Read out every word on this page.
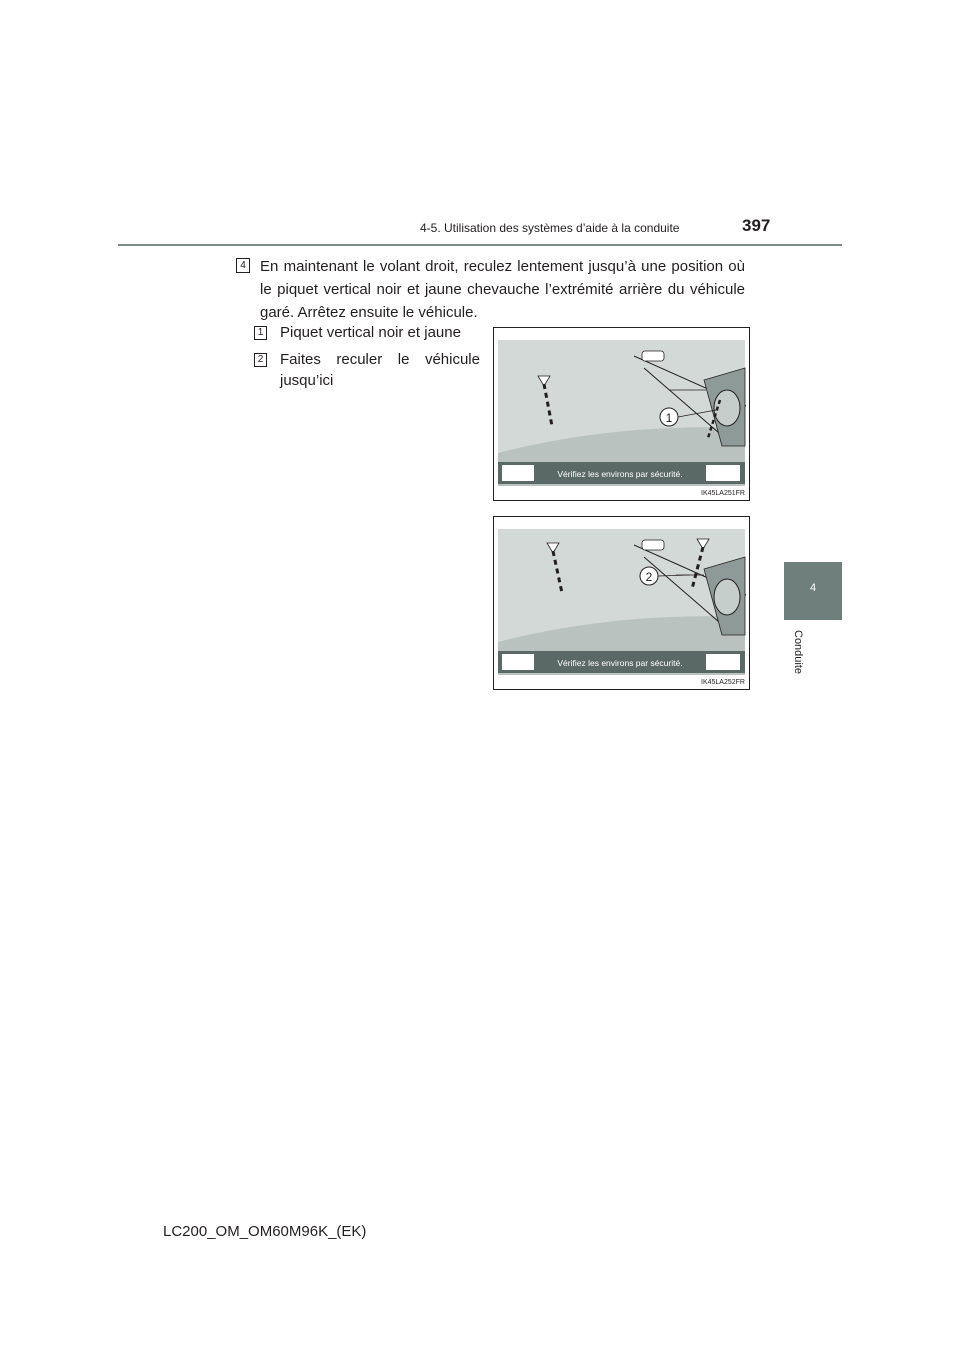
4-5. Utilisation des systèmes d’aide à la conduite	397
4
Conduite
4 En maintenant le volant droit, reculez lentement jusqu’à une position où le piquet vertical noir et jaune chevauche l’extrémité arrière du véhicule garé. Arrêtez ensuite le véhicule.
1 Piquet vertical noir et jaune
2 Faites reculer le véhicule jusqu’ici
1
Vérifiez les environs par sécurité.
IK45LA251FR
2
Vérifiez les environs par sécurité.
IK45LA252FR
LC200_OM_OM60M96K_(EK)
